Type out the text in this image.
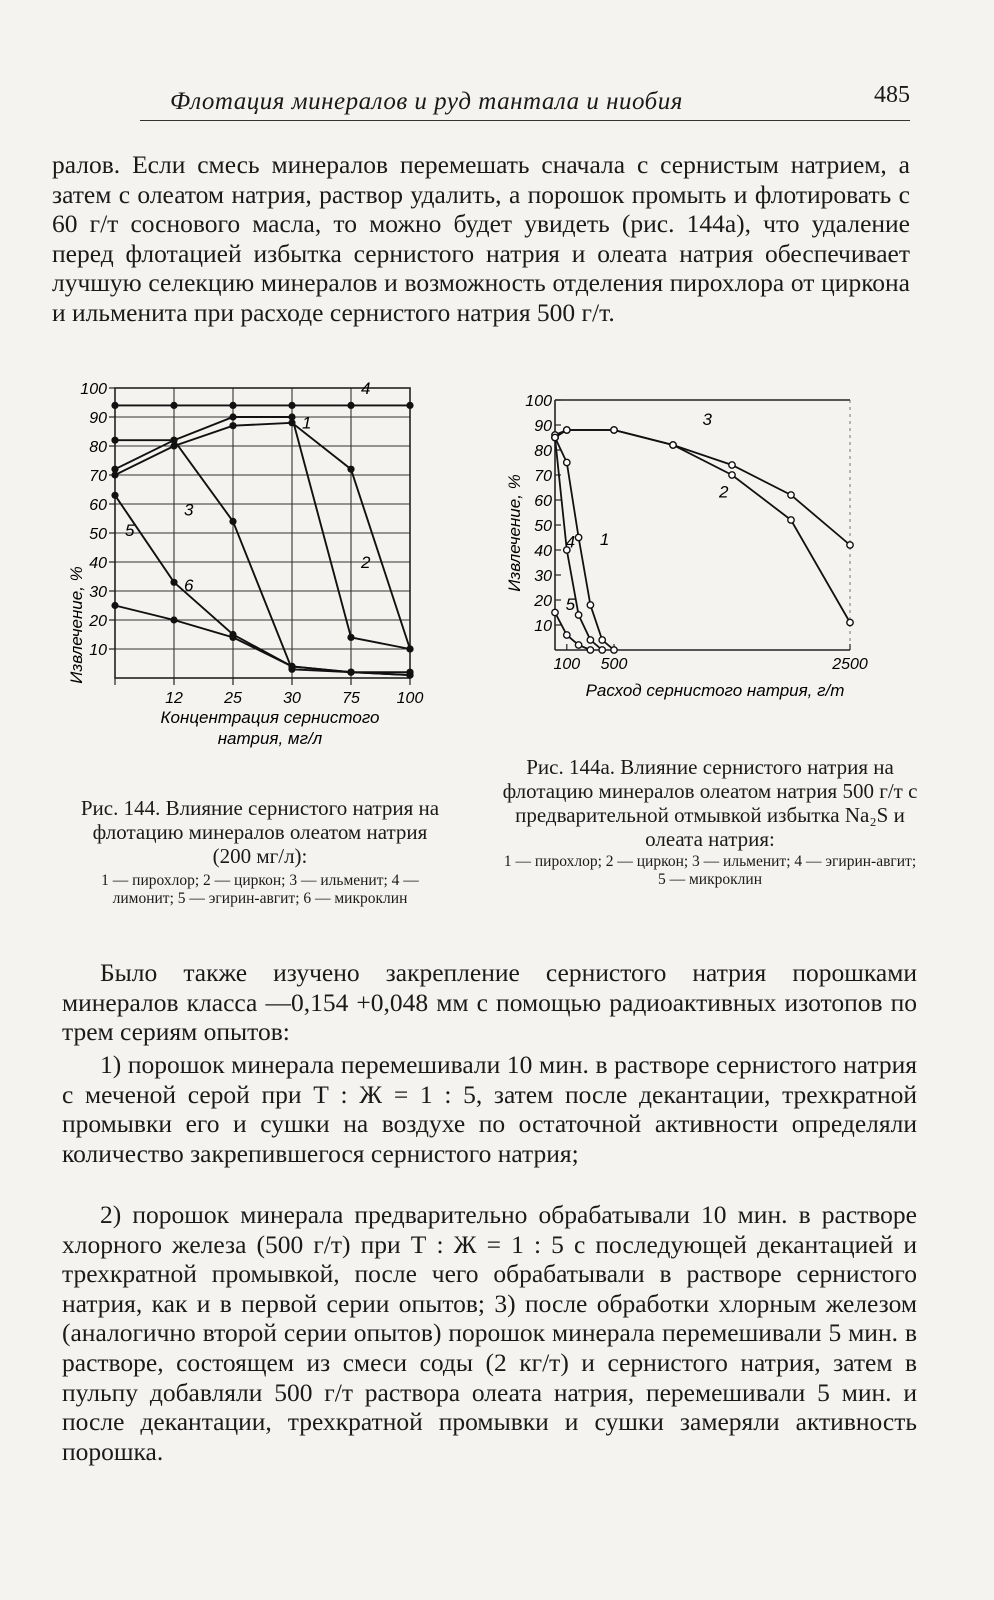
Флотация минералов и руд тантала и ниобия	485

ралов. Если смесь минералов перемешать сначала с сернистым натрием, а затем с олеатом натрия, раствор удалить, а порошок промыть и флотировать с 60 г/т соснового масла, то можно будет увидеть (рис. 144а), что удаление перед флотацией избытка сернистого натрия и олеата натрия обеспечивает лучшую селекцию минералов и возможность отделения пирохлора от циркона и ильменита при расходе сернистого натрия 500 г/т.

10
20
30
40
50
60
70
80
90
100
12	25	30	75 100
1
2
3
4
5
6
Извлечение, %
Концентрация сернистого
натрия, мг/л
Рис. 144. Влияние сернистого натрия на флотацию минералов олеатом натрия (200 мг/л):
1 — пирохлор; 2 — циркон; 3 — ильменит; 4 — лимонит; 5 — эгирин-авгит; 6 — микроклин
10
20
30
40
50
60
70
80
90
100
100 500	2500
1
2
3
4
5
Извлечение, %
Расход сернистого натрия, г/т
Рис. 144а. Влияние сернистого натрия на флотацию минералов олеатом натрия 500 г/т с предварительной отмывкой избытка Na₂S и олеата натрия:
1 — пирохлор; 2 — циркон; 3 — ильменит; 4 — эгирин-авгит; 5 — микроклин

Было также изучено закрепление сернистого натрия порошками минералов класса —0,154 +0,048 мм с помощью радиоактивных изотопов по трем сериям опытов:

1) порошок минерала перемешивали 10 мин. в растворе сернистого натрия с меченой серой при Т : Ж = 1 : 5, затем после декантации, трехкратной промывки его и сушки на воздухе по остаточной активности определяли количество закрепившегося сернистого натрия;

2) порошок минерала предварительно обрабатывали 10 мин. в растворе хлорного железа (500 г/т) при Т : Ж = 1 : 5 с последующей декантацией и трехкратной промывкой, после чего обрабатывали в растворе сернистого натрия, как и в первой серии опытов; 3) после обработки хлорным железом (аналогично второй серии опытов) порошок минерала перемешивали 5 мин. в растворе, состоящем из смеси соды (2 кг/т) и сернистого натрия, затем в пульпу добавляли 500 г/т раствора олеата натрия, перемешивали 5 мин. и после декантации, трехкратной промывки и сушки замеряли активность порошка.
